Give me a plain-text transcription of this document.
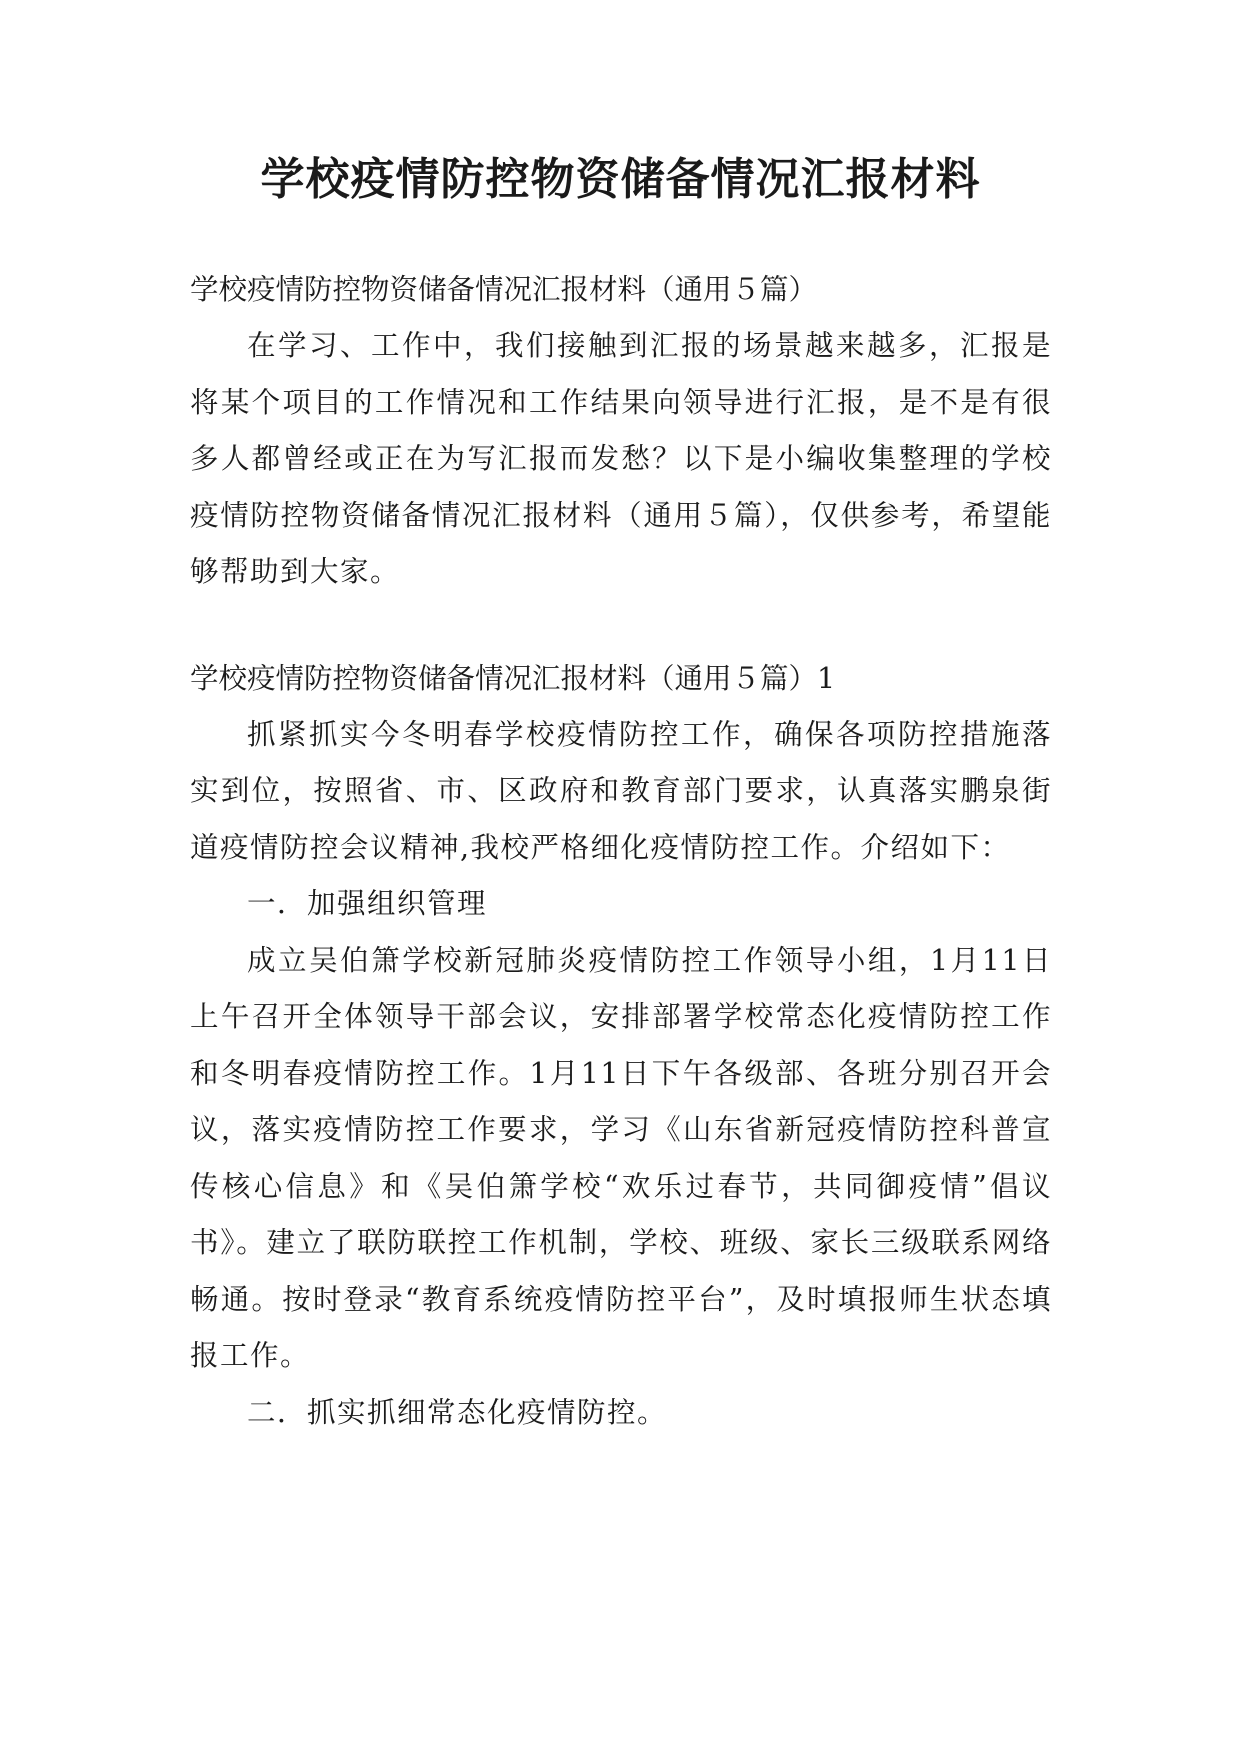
学校疫情防控物资储备情况汇报材料

学校疫情防控物资储备情况汇报材料（通用５篇）

在学习、工作中，我们接触到汇报的场景越来越多，汇报是将某个项目的工作情况和工作结果向领导进行汇报，是不是有很多人都曾经或正在为写汇报而发愁？以下是小编收集整理的学校疫情防控物资储备情况汇报材料（通用５篇），仅供参考，希望能够帮助到大家。

学校疫情防控物资储备情况汇报材料（通用５篇）1

抓紧抓实今冬明春学校疫情防控工作，确保各项防控措施落实到位，按照省、市、区政府和教育部门要求，认真落实鹏泉街道疫情防控会议精神,我校严格细化疫情防控工作。介绍如下：

一．加强组织管理

成立吴伯箫学校新冠肺炎疫情防控工作领导小组，1月11日上午召开全体领导干部会议，安排部署学校常态化疫情防控工作和冬明春疫情防控工作。1月11日下午各级部、各班分别召开会议，落实疫情防控工作要求，学习《山东省新冠疫情防控科普宣传核心信息》和《吴伯箫学校“欢乐过春节，共同御疫情”倡议书》。建立了联防联控工作机制，学校、班级、家长三级联系网络畅通。按时登录“教育系统疫情防控平台”，及时填报师生状态填报工作。

二．抓实抓细常态化疫情防控。
